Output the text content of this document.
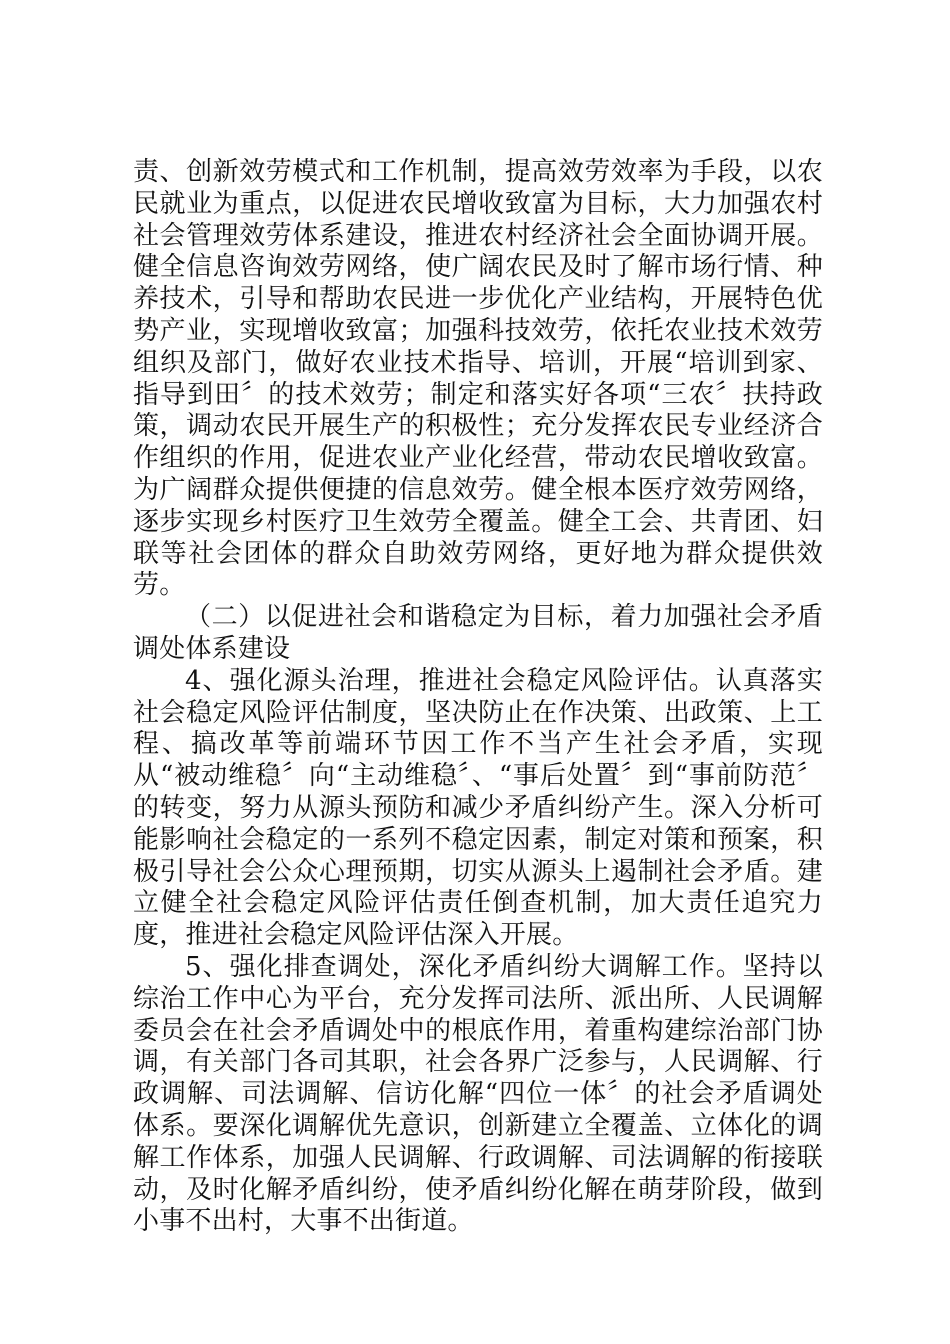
责、创新效劳模式和工作机制，提高效劳效率为手段，以农民就业为重点，以促进农民增收致富为目标，大力加强农村社会管理效劳体系建设，推进农村经济社会全面协调开展。健全信息咨询效劳网络，使广阔农民及时了解市场行情、种养技术，引导和帮助农民进一步优化产业结构，开展特色优势产业，实现增收致富；加强科技效劳，依托农业技术效劳组织及部门，做好农业技术指导、培训，开展“培训到家、指导到田〞的技术效劳；制定和落实好各项“三农〞扶持政策，调动农民开展生产的积极性；充分发挥农民专业经济合作组织的作用，促进农业产业化经营，带动农民增收致富。为广阔群众提供便捷的信息效劳。健全根本医疗效劳网络，逐步实现乡村医疗卫生效劳全覆盖。健全工会、共青团、妇联等社会团体的群众自助效劳网络，更好地为群众提供效劳。

（二）以促进社会和谐稳定为目标，着力加强社会矛盾调处体系建设

4、强化源头治理，推进社会稳定风险评估。认真落实社会稳定风险评估制度，坚决防止在作决策、出政策、上工程、搞改革等前端环节因工作不当产生社会矛盾，实现从“被动维稳〞向“主动维稳〞、“事后处置〞到“事前防范〞的转变，努力从源头预防和减少矛盾纠纷产生。深入分析可能影响社会稳定的一系列不稳定因素，制定对策和预案，积极引导社会公众心理预期，切实从源头上遏制社会矛盾。建立健全社会稳定风险评估责任倒查机制，加大责任追究力度，推进社会稳定风险评估深入开展。

5、强化排查调处，深化矛盾纠纷大调解工作。坚持以综治工作中心为平台，充分发挥司法所、派出所、人民调解委员会在社会矛盾调处中的根底作用，着重构建综治部门协调，有关部门各司其职，社会各界广泛参与，人民调解、行政调解、司法调解、信访化解“四位一体〞的社会矛盾调处体系。要深化调解优先意识，创新建立全覆盖、立体化的调解工作体系，加强人民调解、行政调解、司法调解的衔接联动，及时化解矛盾纠纷，使矛盾纠纷化解在萌芽阶段，做到小事不出村，大事不出街道。
